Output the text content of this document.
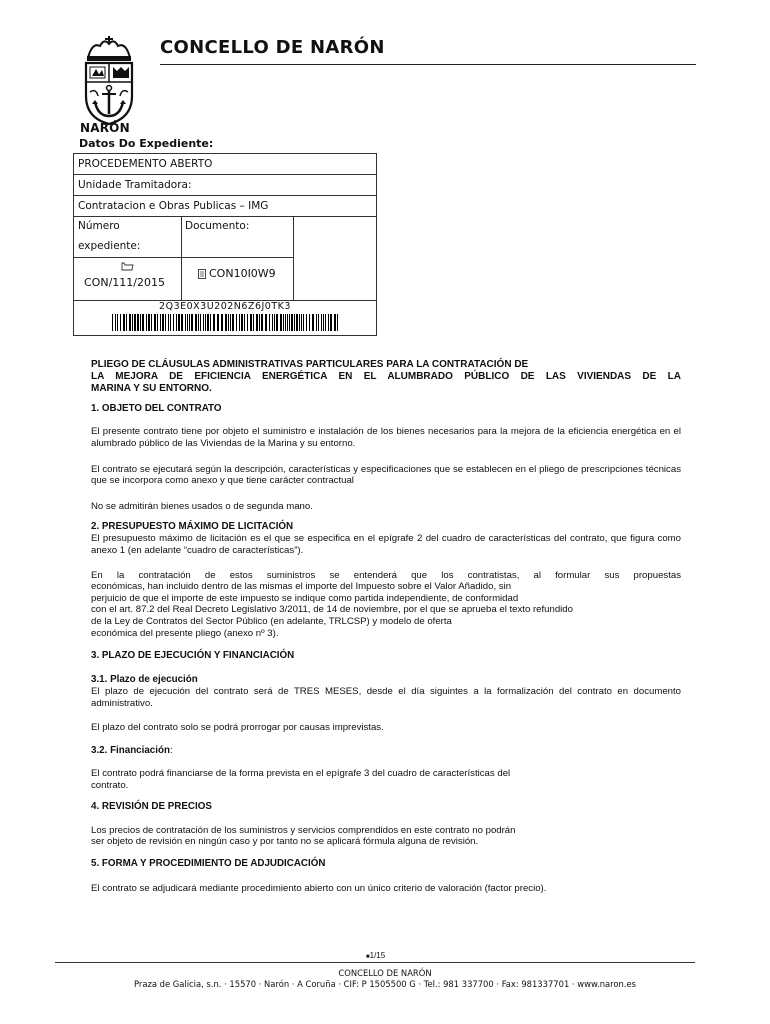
NARÓN
CONCELLO DE NARÓN
Datos Do Expediente:
PROCEDEMENTO ABERTO
Unidade Tramitadora:
Contratacion e Obras Publicas – IMG
Número
expediente:
Documento:
CON/111/2015
CON10I0W9
2Q3E0X3U202N6Z6J0TK3
PLIEGO DE CLÁUSULAS ADMINISTRATIVAS PARTICULARES PARA LA CONTRATACIÓN DE
LA MEJORA DE EFICIENCIA ENERGÉTICA EN EL ALUMBRADO PÚBLICO DE LAS VIVIENDAS DE LA
MARINA Y SU ENTORNO.
1. OBJETO DEL CONTRATO

El presente contrato tiene por objeto el suministro e instalación de los bienes necesarios para la mejora de la eficiencia energética en el alumbrado público de las Viviendas de la Marina y su entorno.

El contrato se ejecutará según la descripción, características y especificaciones que se establecen en el pliego de prescripciones técnicas que se incorpora como anexo y que tiene carácter contractual

No se admitirán bienes usados o de segunda mano.

2. PRESUPUESTO MÁXIMO DE LICITACIÓN

El presupuesto máximo de licitación es el que se especifica en el epígrafe 2 del cuadro de características del contrato, que figura como anexo 1 (en adelante “cuadro de características”).

En la contratación de estos suministros se entenderá que los contratistas, al formular sus propuestas
económicas, han incluido dentro de las mismas el importe del Impuesto sobre el Valor Añadido, sin
perjuicio de que el importe de este impuesto se indique como partida independiente, de conformidad
con el art. 87.2 del Real Decreto Legislativo 3/2011, de 14 de noviembre, por el que se aprueba el texto refundido
de la Ley de Contratos del Sector Público (en adelante, TRLCSP) y modelo de oferta
económica del presente pliego (anexo nº 3).
3. PLAZO DE EJECUCIÓN Y FINANCIACIÓN
3.1. Plazo de ejecución

El plazo de ejecución del contrato será de TRES MESES, desde el día siguintes a la formalización del contrato en documento administrativo.

El plazo del contrato solo se podrá prorrogar por causas imprevistas.

3.2. Financiación:
El contrato podrá financiarse de la forma prevista en el epígrafe 3 del cuadro de características del
contrato.
4. REVISIÓN DE PRECIOS
Los precios de contratación de los suministros y servicios comprendidos en este contrato no podrán
ser objeto de revisión en ningún caso y por tanto no se aplicará fórmula alguna de revisión.
5. FORMA Y PROCEDIMIENTO DE ADJUDICACIÓN

El contrato se adjudicará mediante procedimiento abierto con un único criterio de valoración (factor precio).

■1/15
CONCELLO DE NARÓN
Praza de Galicia, s.n. · 15570 · Narón · A Coruña · CIF: P 1505500 G · Tel.: 981 337700 · Fax: 981337701 · www.naron.es
